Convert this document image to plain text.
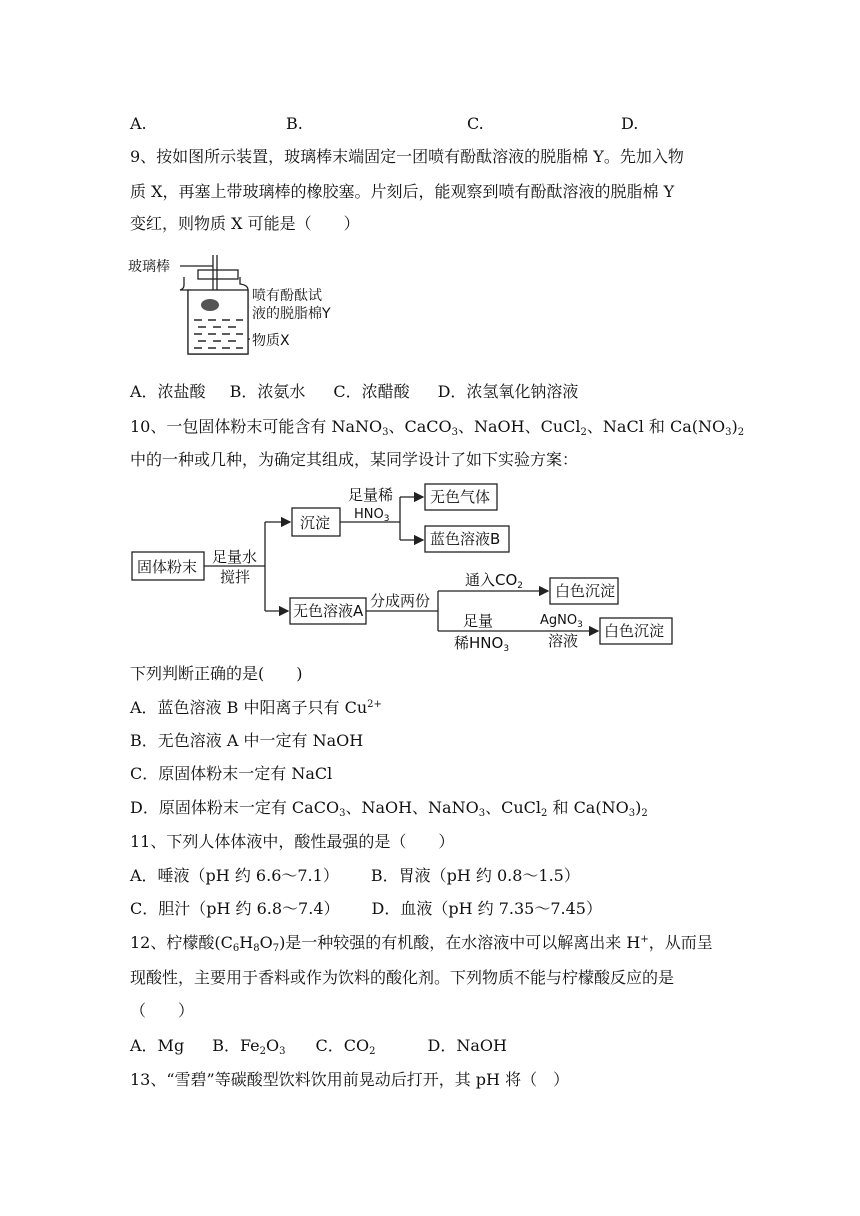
A.	B.	C.	D.
9、按如图所示装置，玻璃棒末端固定一团喷有酚酞溶液的脱脂棉 Y。先加入物
质 X，再塞上带玻璃棒的橡胶塞。片刻后，能观察到喷有酚酞溶液的脱脂棉 Y
变红，则物质 X 可能是（　　）
玻璃棒
喷有酚酞试
液的脱脂棉Y
物质X
A．浓盐酸 B．浓氨水 C．浓醋酸 D．浓氢氧化钠溶液
10、一包固体粉末可能含有 NaNO$_3$、CaCO$_3$、NaOH、CuCl$_2$、NaCl 和 $Ca(NO_3)_2$
中的一种或几种，为确定其组成，某同学设计了如下实验方案：
固体粉末
足量水
搅拌
沉淀
足量稀
$HNO_3$
无色气体
蓝色溶液B
无色溶液A
分成两份
通入$CO_2$ 白色沉淀
足量
稀$HNO_3$
AgNO$_3$
溶液
白色沉淀
下列判断正确的是(　　)
A．蓝色溶液 B 中阳离子只有 $Cu^{2+}$
B．无色溶液 A 中一定有 NaOH
C．原固体粉末一定有 NaCl
D．原固体粉末一定有 CaCO$_3$、NaOH、NaNO$_3$、CuCl$_2$ 和 $Ca(NO_3)_2$
11、下列人体体液中，酸性最强的是（　　）
A．唾液（pH 约 6.6～7.1） B．胃液（pH 约 0.8～1.5）
C．胆汁（pH 约 6.8～7.4） D．血液（pH 约 7.35～7.45）
12、柠檬酸$(C_6H_8O_7)$是一种较强的有机酸，在水溶液中可以解离出来 H+，从而呈
现酸性，主要用于香料或作为饮料的酸化剂。下列物质不能与柠檬酸反应的是
（　　）
A．Mg B．$Fe_2O_3$ C．$CO_2$	D．NaOH
13、“雪碧”等碳酸型饮料饮用前晃动后打开，其 pH 将（　）
